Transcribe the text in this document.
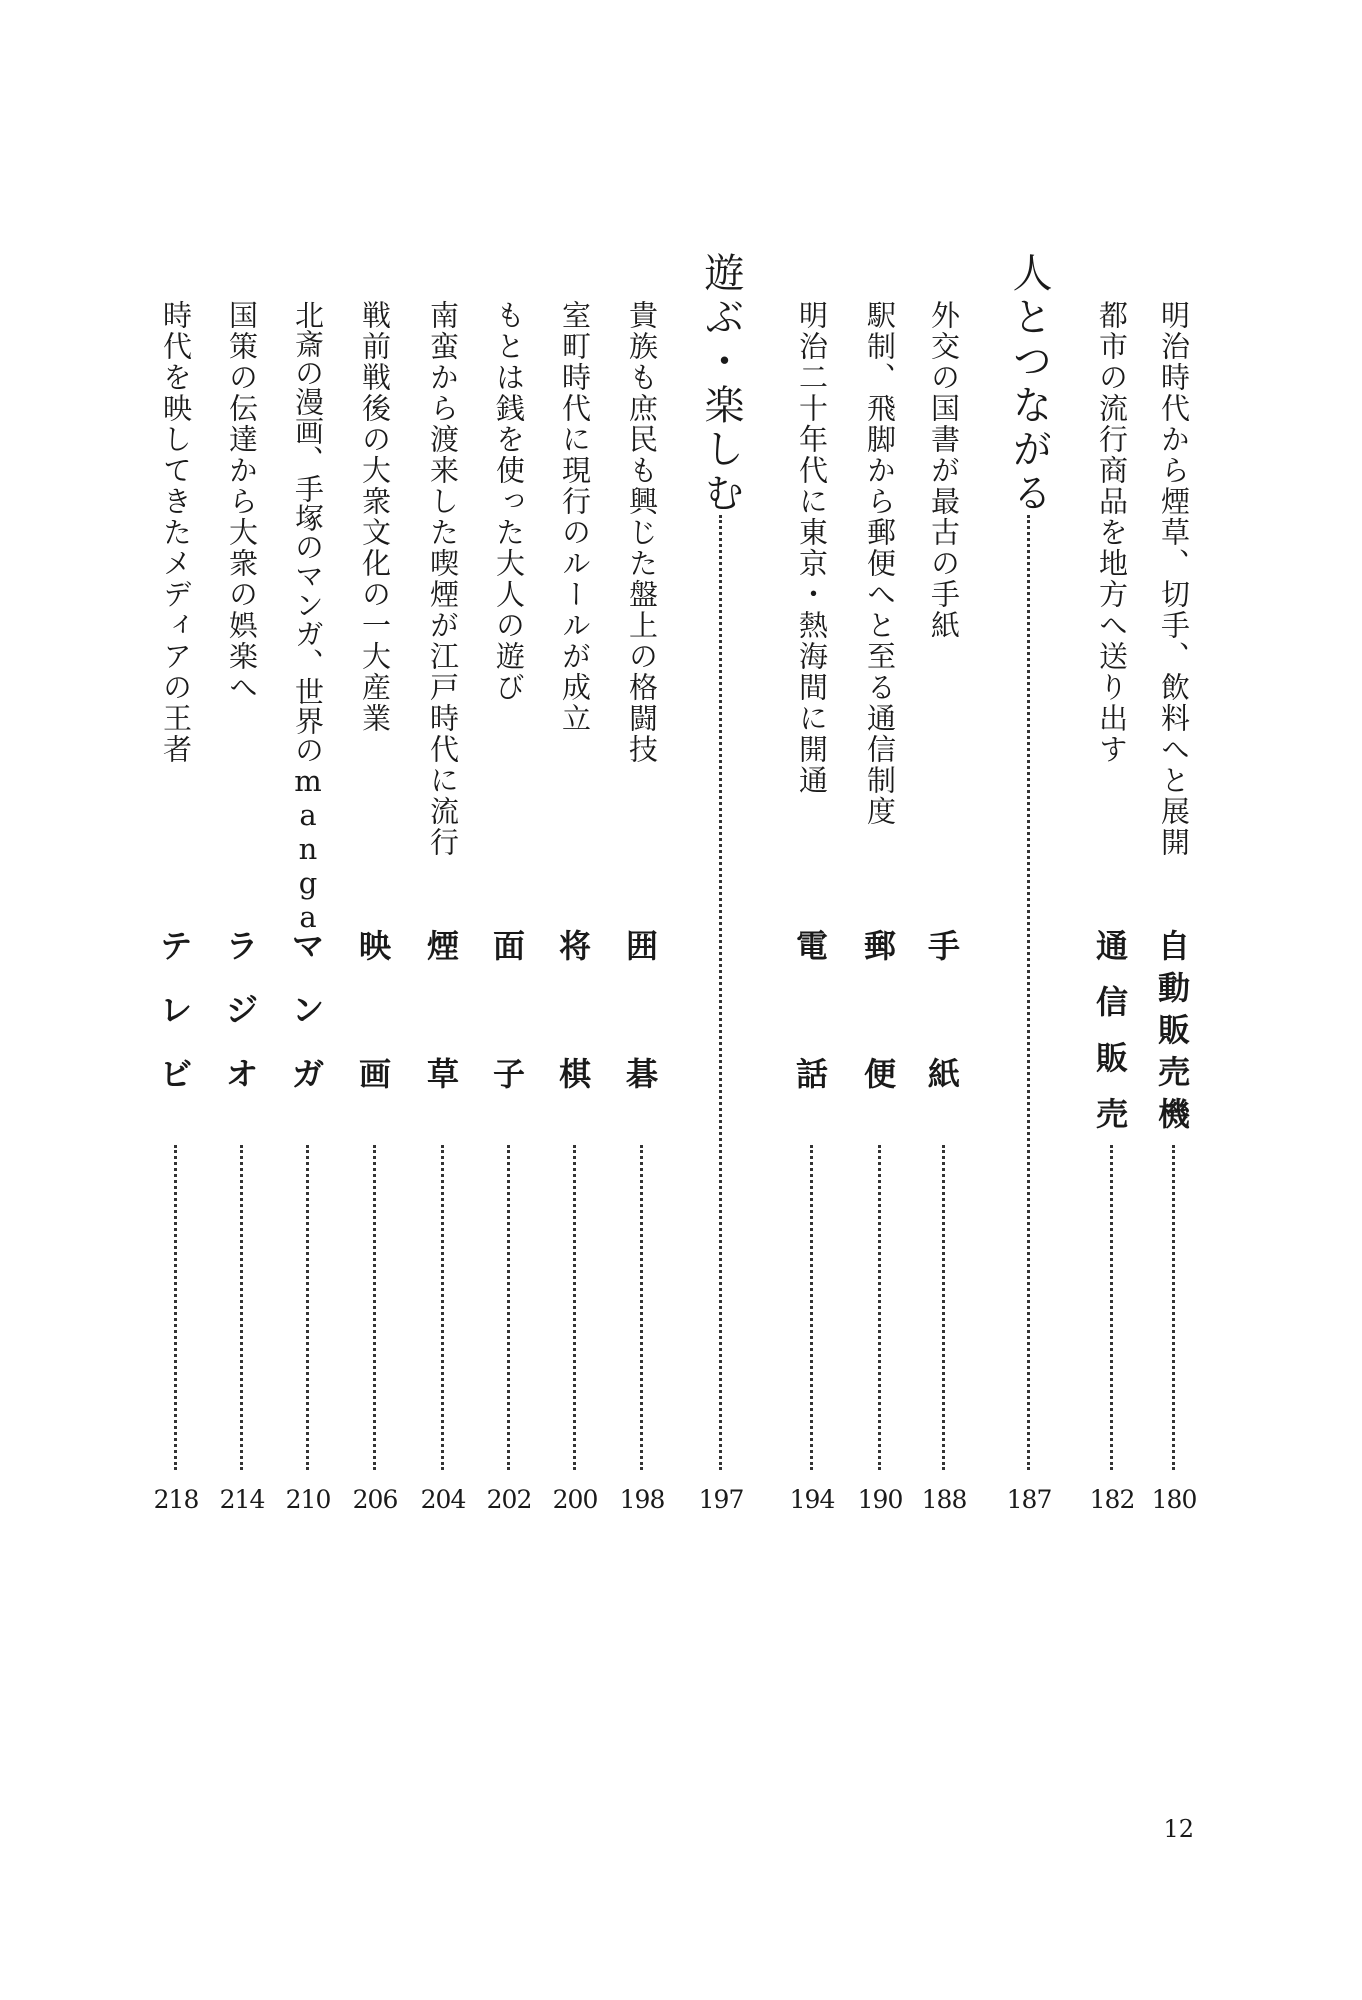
明治時代から煙草、切手、飲料へと展開
自
動
販
売
機
180
都市の流行商品を地方へ送り出す
通
信
販
売
182
人とつながる
187
外交の国書が最古の手紙
手
紙
188
駅制、飛脚から郵便へと至る通信制度
郵
便
190
明治二十年代に東京・熱海間に開通
電
話
194
遊ぶ・楽しむ
197
貴族も庶民も興じた盤上の格闘技
囲
碁
198
室町時代に現行のルールが成立
将
棋
200
もとは銭を使った大人の遊び
面
子
202
南蛮から渡来した喫煙が江戸時代に流行
煙
草
204
戦前戦後の大衆文化の一大産業
映
画
206
北斎の漫画、手塚のマンガ、世界のmanga
マ
ン
ガ
210
国策の伝達から大衆の娯楽へ
ラ
ジ
オ
214
時代を映してきたメディアの王者
テ
レ
ビ
218
12
